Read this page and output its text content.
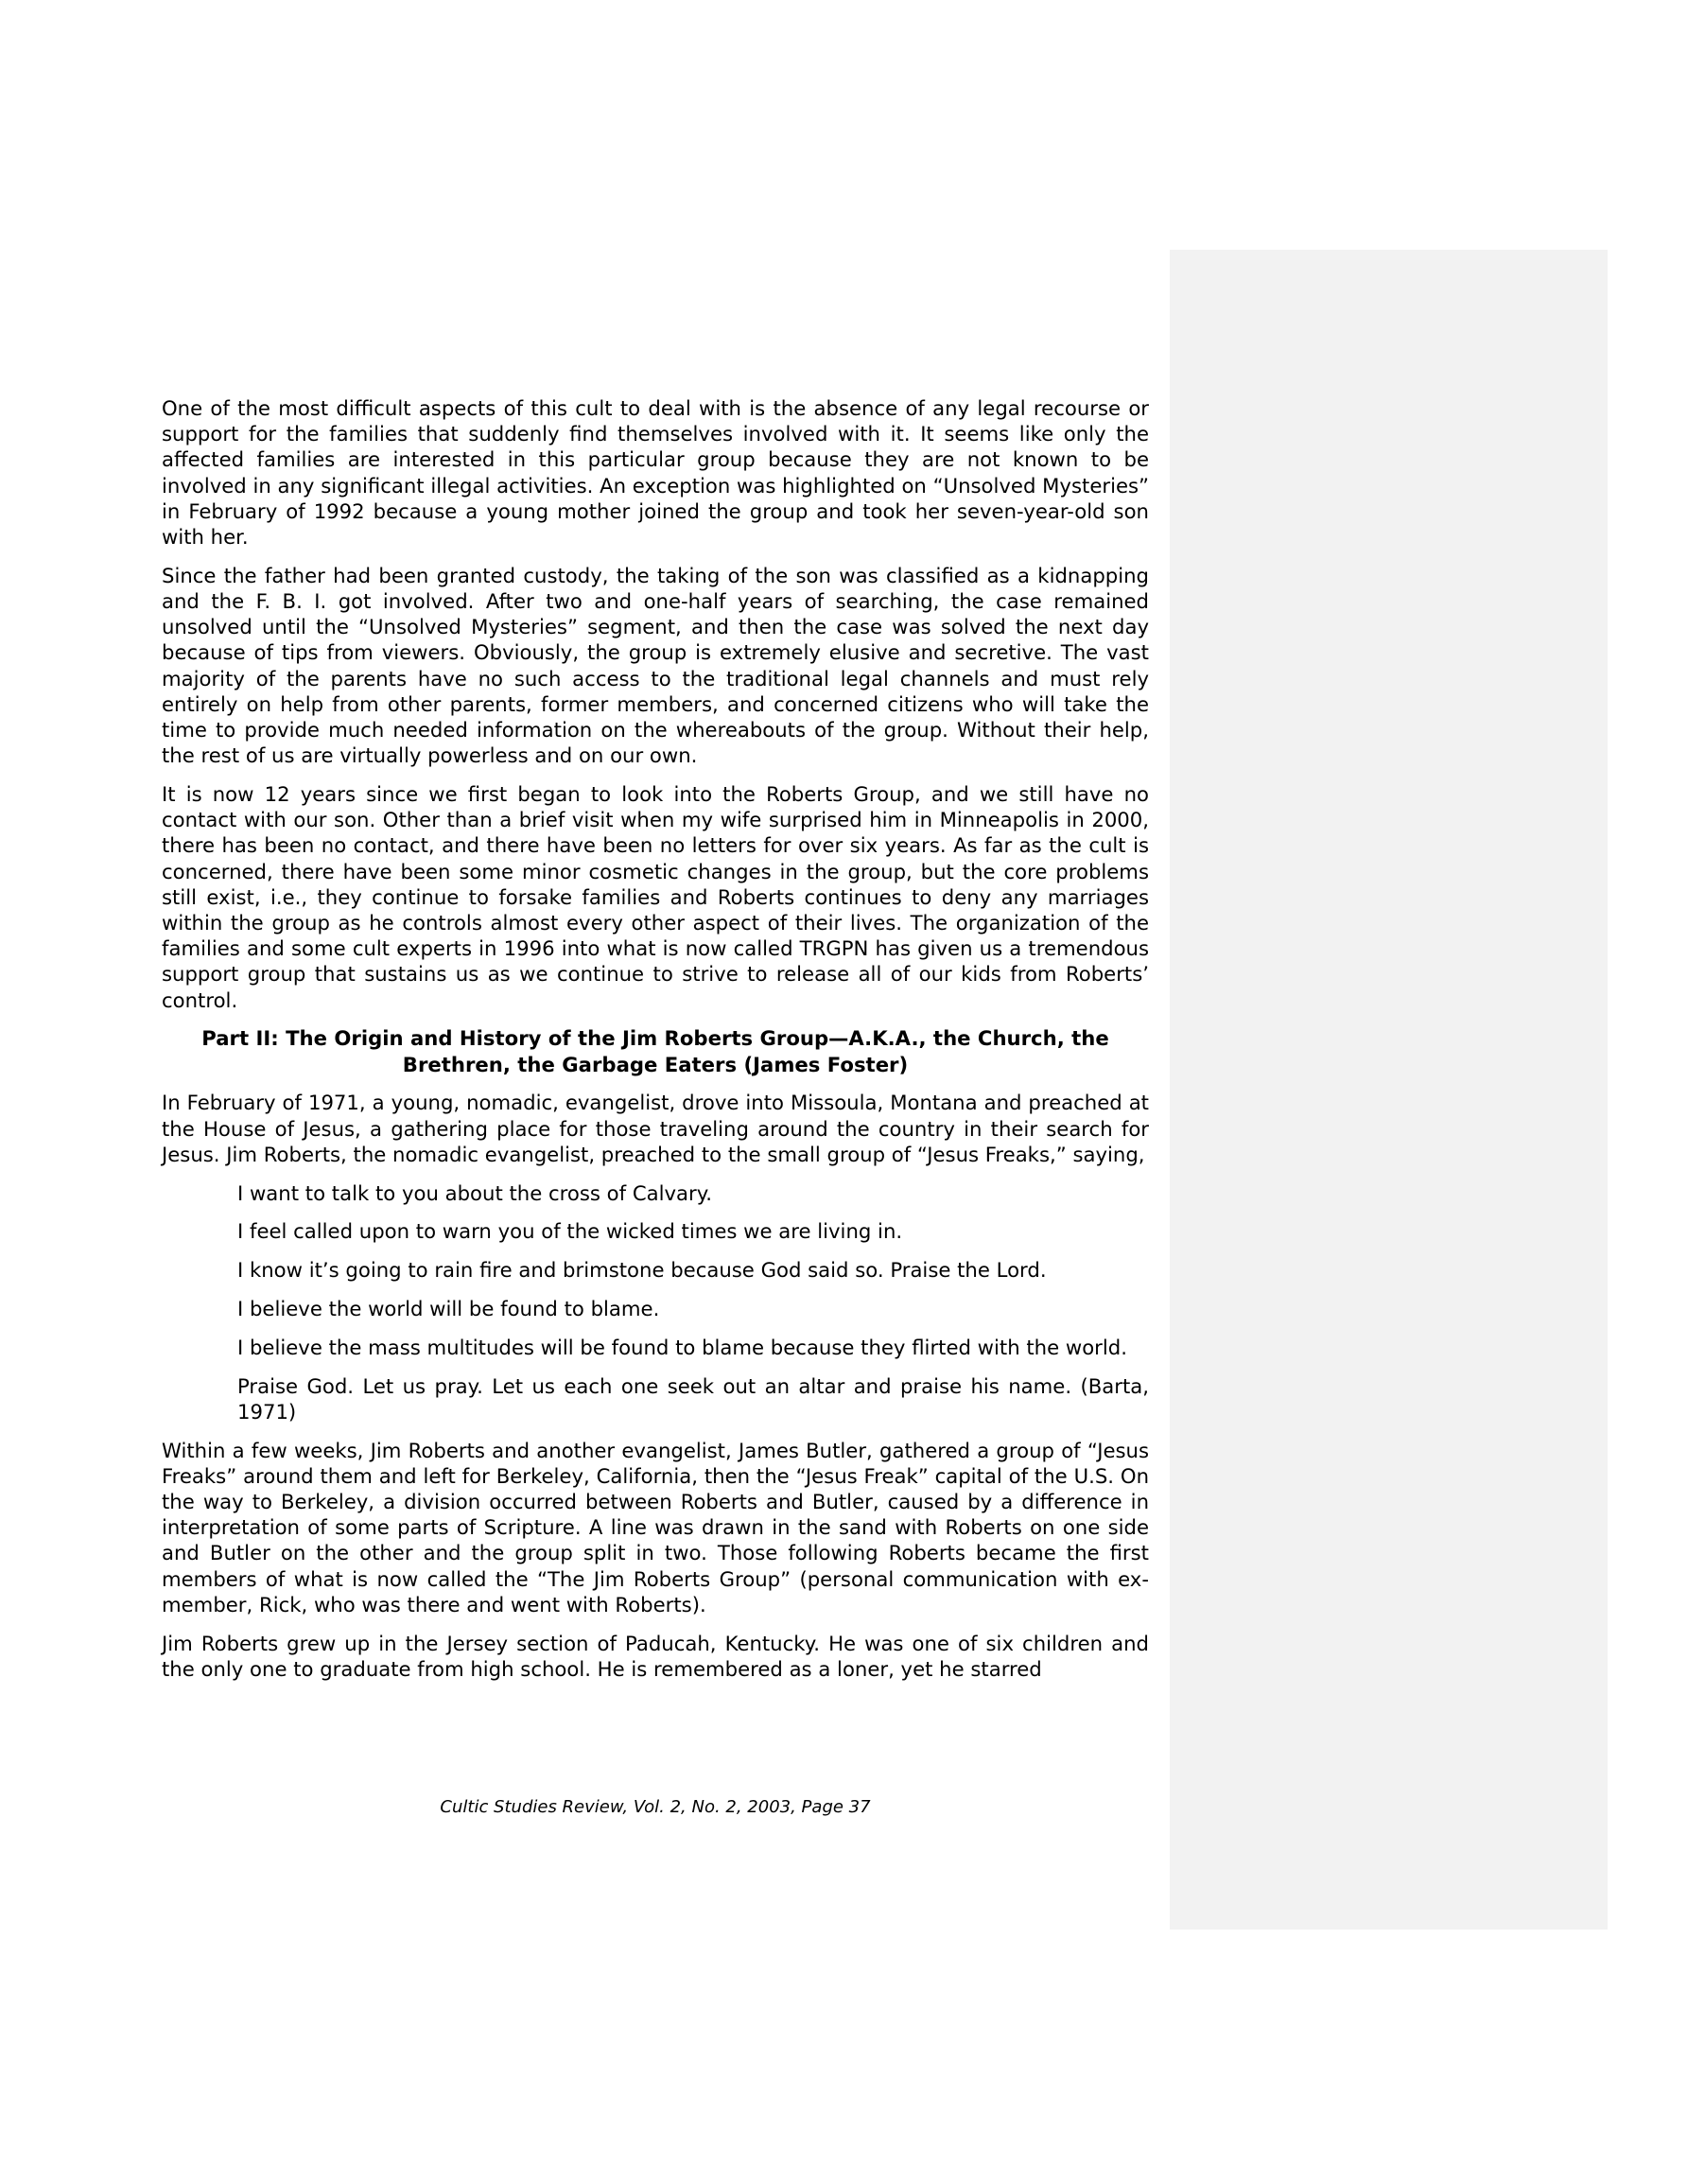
One of the most difficult aspects of this cult to deal with is the absence of any legal recourse or support for the families that suddenly find themselves involved with it. It seems like only the affected families are interested in this particular group because they are not known to be involved in any significant illegal activities. An exception was highlighted on “Unsolved Mysteries” in February of 1992 because a young mother joined the group and took her seven-year-old son with her.

Since the father had been granted custody, the taking of the son was classified as a kidnapping and the F. B. I. got involved. After two and one-half years of searching, the case remained unsolved until the “Unsolved Mysteries” segment, and then the case was solved the next day because of tips from viewers. Obviously, the group is extremely elusive and secretive. The vast majority of the parents have no such access to the traditional legal channels and must rely entirely on help from other parents, former members, and concerned citizens who will take the time to provide much needed information on the whereabouts of the group. Without their help, the rest of us are virtually powerless and on our own.

It is now 12 years since we first began to look into the Roberts Group, and we still have no contact with our son. Other than a brief visit when my wife surprised him in Minneapolis in 2000, there has been no contact, and there have been no letters for over six years. As far as the cult is concerned, there have been some minor cosmetic changes in the group, but the core problems still exist, i.e., they continue to forsake families and Roberts continues to deny any marriages within the group as he controls almost every other aspect of their lives. The organization of the families and some cult experts in 1996 into what is now called TRGPN has given us a tremendous support group that sustains us as we continue to strive to release all of our kids from Roberts’ control.

Part II: The Origin and History of the Jim Roberts Group—A.K.A., the Church, the
Brethren, the Garbage Eaters (James Foster)

In February of 1971, a young, nomadic, evangelist, drove into Missoula, Montana and preached at the House of Jesus, a gathering place for those traveling around the country in their search for Jesus. Jim Roberts, the nomadic evangelist, preached to the small group of “Jesus Freaks,” saying,

I want to talk to you about the cross of Calvary.

I feel called upon to warn you of the wicked times we are living in.

I know it’s going to rain fire and brimstone because God said so. Praise the Lord.

I believe the world will be found to blame.

I believe the mass multitudes will be found to blame because they flirted with the world.

Praise God. Let us pray. Let us each one seek out an altar and praise his name. (Barta, 1971)

Within a few weeks, Jim Roberts and another evangelist, James Butler, gathered a group of “Jesus Freaks” around them and left for Berkeley, California, then the “Jesus Freak” capital of the U.S. On the way to Berkeley, a division occurred between Roberts and Butler, caused by a difference in interpretation of some parts of Scripture. A line was drawn in the sand with Roberts on one side and Butler on the other and the group split in two. Those following Roberts became the first members of what is now called the “The Jim Roberts Group” (personal communication with ex-member, Rick, who was there and went with Roberts).

Jim Roberts grew up in the Jersey section of Paducah, Kentucky. He was one of six children and the only one to graduate from high school. He is remembered as a loner, yet he starred

Cultic Studies Review, Vol. 2, No. 2, 2003, Page 37
